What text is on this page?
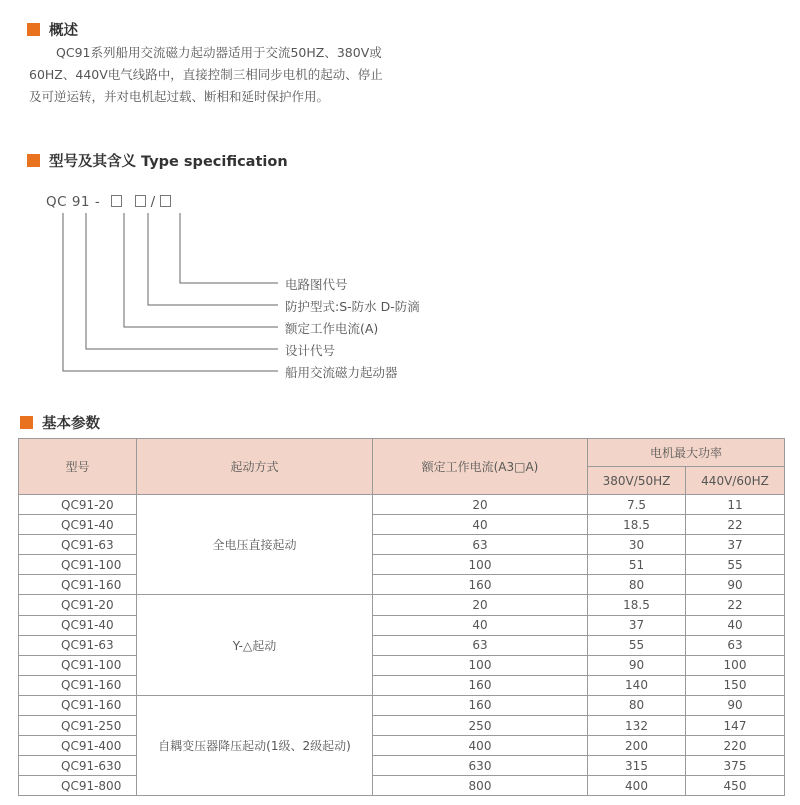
概述

QC91系列船用交流磁力起动器适用于交流50HZ、380V或
60HZ、440V电气线路中，直接控制三相同步电机的起动、停止
及可逆运转，并对电机起过载、断相和延时保护作用。

型号及其含义 Type specification
QC 91 -	/
电路图代号
防护型式:S-防水 D-防滴
额定工作电流(A)
设计代号
船用交流磁力起动器
基本参数
型号	起动方式	额定工作电流(A3□A)	电机最大功率	
			380V/50HZ	440V/60HZ
QC91-20	全电压直接起动	20	7.5	11
QC91-40		40	18.5	22
QC91-63		63	30	37
QC91-100		100	51	55
QC91-160		160	80	90
QC91-20	Y-△起动	20	18.5	22
QC91-40		40	37	40
QC91-63		63	55	63
QC91-100		100	90	100
QC91-160		160	140	150
QC91-160	自耦变压器降压起动(1级、2级起动)	160	80	90
QC91-250		250	132	147
QC91-400		400	200	220
QC91-630		630	315	375
QC91-800		800	400	450
